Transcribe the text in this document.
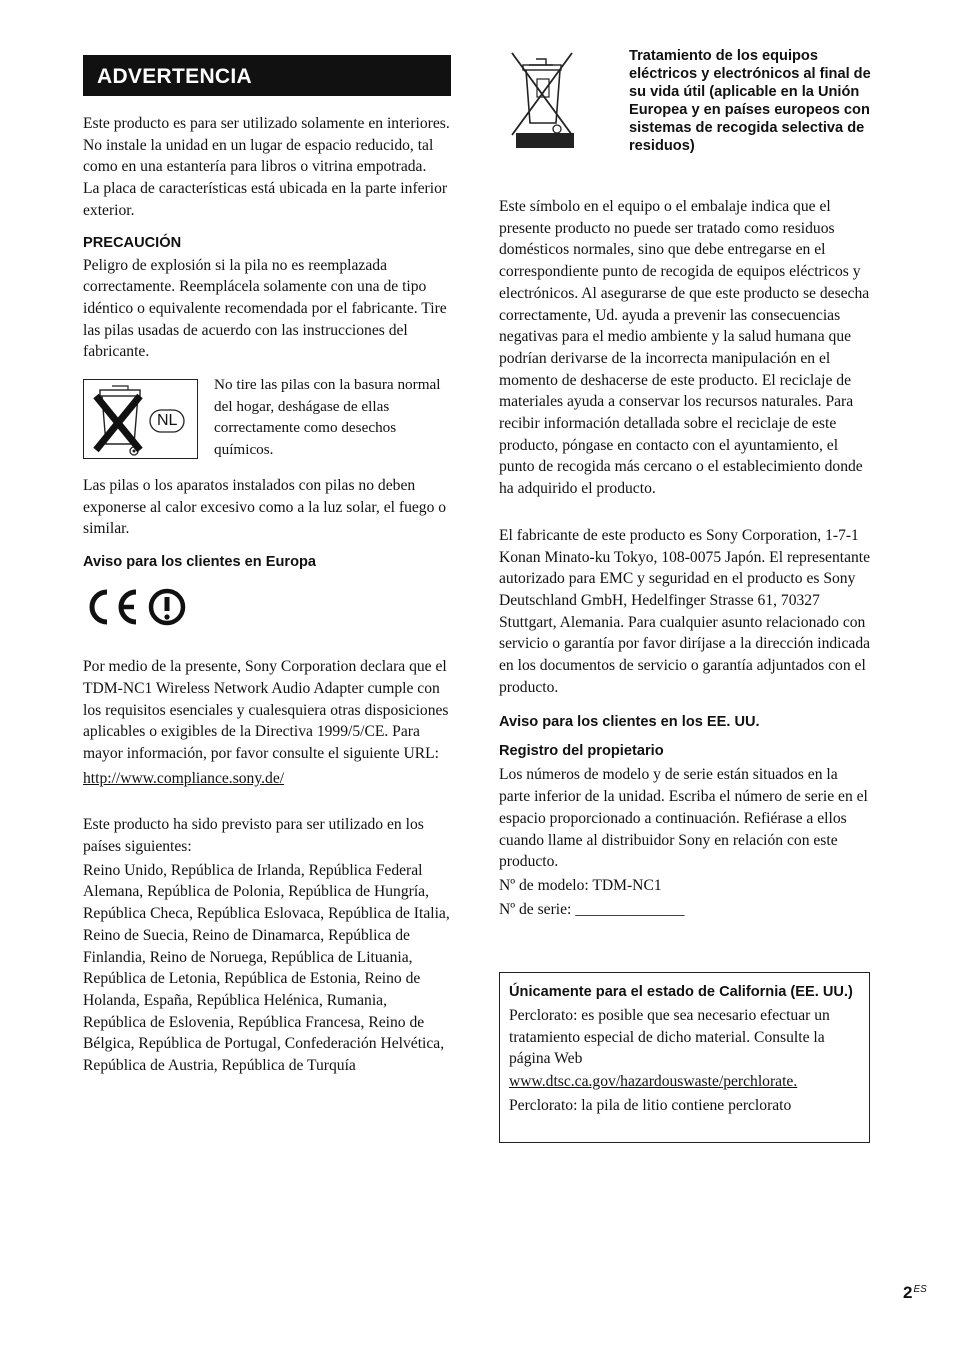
ADVERTENCIA

Este producto es para ser utilizado solamente en interiores.

No instale la unidad en un lugar de espacio reducido, tal como en una estantería para libros o vitrina empotrada.

La placa de características está ubicada en la parte inferior exterior.

PRECAUCIÓN

Peligro de explosión si la pila no es reemplazada correctamente. Reemplácela solamente con una de tipo idéntico o equivalente recomendada por el fabricante. Tire las pilas usadas de acuerdo con las instrucciones del fabricante.

NL

No tire las pilas con la basura normal del hogar, deshágase de ellas correctamente como desechos químicos.

Las pilas o los aparatos instalados con pilas no deben exponerse al calor excesivo como a la luz solar, el fuego o similar.

Aviso para los clientes en Europa

Por medio de la presente, Sony Corporation declara que el TDM-NC1 Wireless Network Audio Adapter cumple con los requisitos esenciales y cualesquiera otras disposiciones aplicables o exigibles de la Directiva 1999/5/CE. Para mayor información, por favor consulte el siguiente URL:

http://www.compliance.sony.de/

Este producto ha sido previsto para ser utilizado en los países siguientes:

Reino Unido, República de Irlanda, República Federal Alemana, República de Polonia, República de Hungría, República Checa, República Eslovaca, República de Italia, Reino de Suecia, Reino de Dinamarca, República de Finlandia, Reino de Noruega, República de Lituania, República de Letonia, República de Estonia, Reino de Holanda, España, República Helénica, Rumania, República de Eslovenia, República Francesa, Reino de Bélgica, República de Portugal, Confederación Helvética, República de Austria, República de Turquía

Tratamiento de los equipos eléctricos y electrónicos al final de su vida útil (aplicable en la Unión Europea y en países europeos con sistemas de recogida selectiva de residuos)

Este símbolo en el equipo o el embalaje indica que el presente producto no puede ser tratado como residuos domésticos normales, sino que debe entregarse en el correspondiente punto de recogida de equipos eléctricos y electrónicos. Al asegurarse de que este producto se desecha correctamente, Ud. ayuda a prevenir las consecuencias negativas para el medio ambiente y la salud humana que podrían derivarse de la incorrecta manipulación en el momento de deshacerse de este producto. El reciclaje de materiales ayuda a conservar los recursos naturales. Para recibir información detallada sobre el reciclaje de este producto, póngase en contacto con el ayuntamiento, el punto de recogida más cercano o el establecimiento donde ha adquirido el producto.

El fabricante de este producto es Sony Corporation, 1-7-1 Konan Minato-ku Tokyo, 108-0075 Japón. El representante autorizado para EMC y seguridad en el producto es Sony Deutschland GmbH, Hedelfinger Strasse 61, 70327 Stuttgart, Alemania. Para cualquier asunto relacionado con servicio o garantía por favor diríjase a la dirección indicada en los documentos de servicio o garantía adjuntados con el producto.

Aviso para los clientes en los EE. UU.

Registro del propietario

Los números de modelo y de serie están situados en la parte inferior de la unidad. Escriba el número de serie en el espacio proporcionado a continuación. Refiérase a ellos cuando llame al distribuidor Sony en relación con este producto.

Nº de modelo: TDM-NC1

Nº de serie: ______________

Únicamente para el estado de California (EE. UU.)

Perclorato: es posible que sea necesario efectuar un tratamiento especial de dicho material. Consulte la página Web

www.dtsc.ca.gov/hazardouswaste/perchlorate.

Perclorato: la pila de litio contiene perclorato

$2^{ES}$
